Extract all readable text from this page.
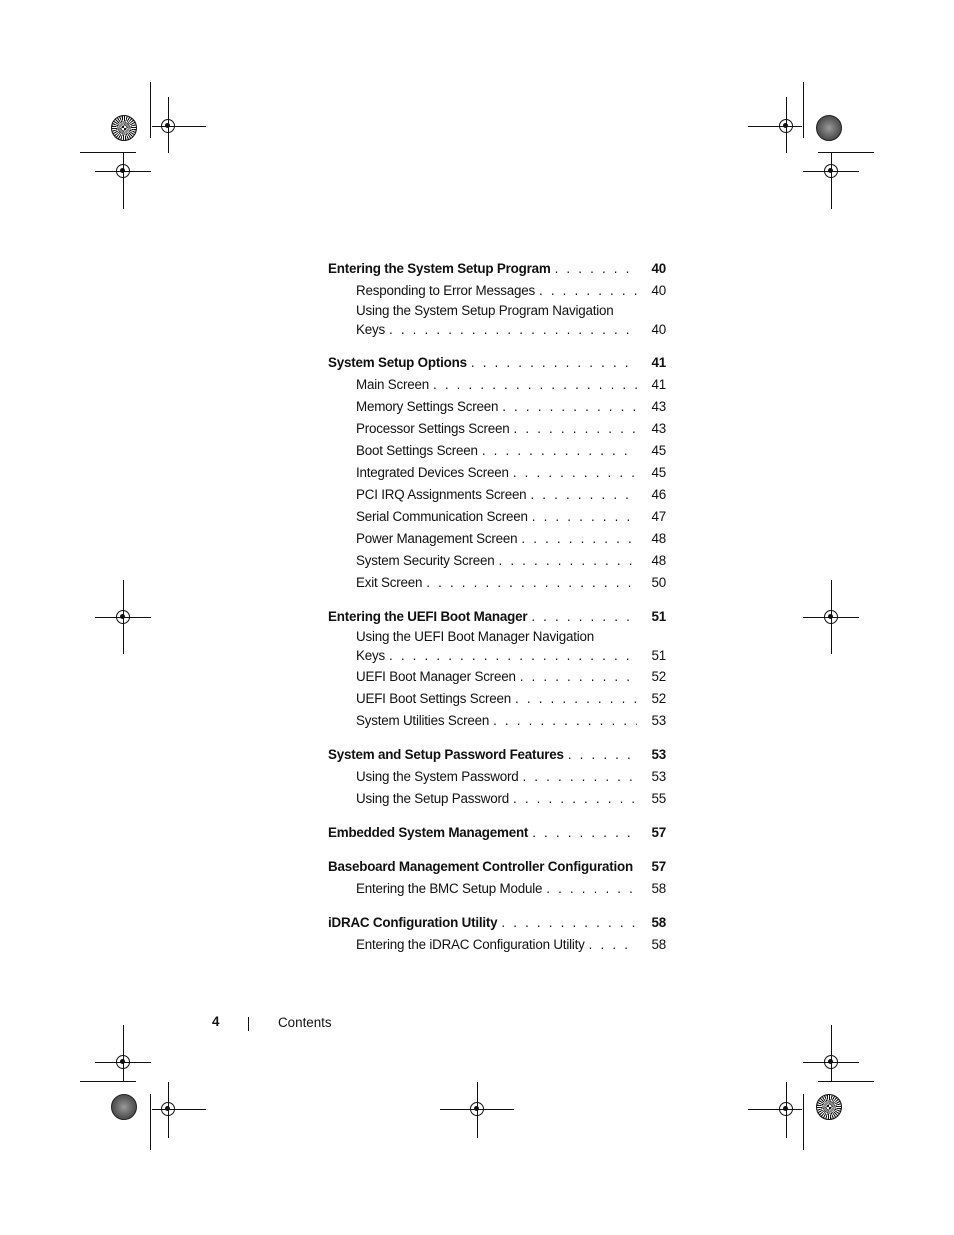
Entering the System Setup Program . . .	40
Responding to Error Messages . . .	40
Using the System Setup Program Navigation
Keys . . .	40
System Setup Options . . .	41
Main Screen . . .	41
Memory Settings Screen . . .	43
Processor Settings Screen . . .	43
Boot Settings Screen . . .	45
Integrated Devices Screen . . .	45
PCI IRQ Assignments Screen . . .	46
Serial Communication Screen . . .	47
Power Management Screen . . .	48
System Security Screen . . .	48
Exit Screen . . .	50
Entering the UEFI Boot Manager . . .	51
Using the UEFI Boot Manager Navigation
Keys . . .	51
UEFI Boot Manager Screen . . .	52
UEFI Boot Settings Screen . . .	52
System Utilities Screen . . .	53
System and Setup Password Features . . .	53
Using the System Password . . .	53
Using the Setup Password . . .	55
Embedded System Management . . .	57
Baseboard Management Controller Configuration . . .	57
Entering the BMC Setup Module . . .	58
iDRAC Configuration Utility . . .	58
Entering the iDRAC Configuration Utility . . .	58
4	Contents
